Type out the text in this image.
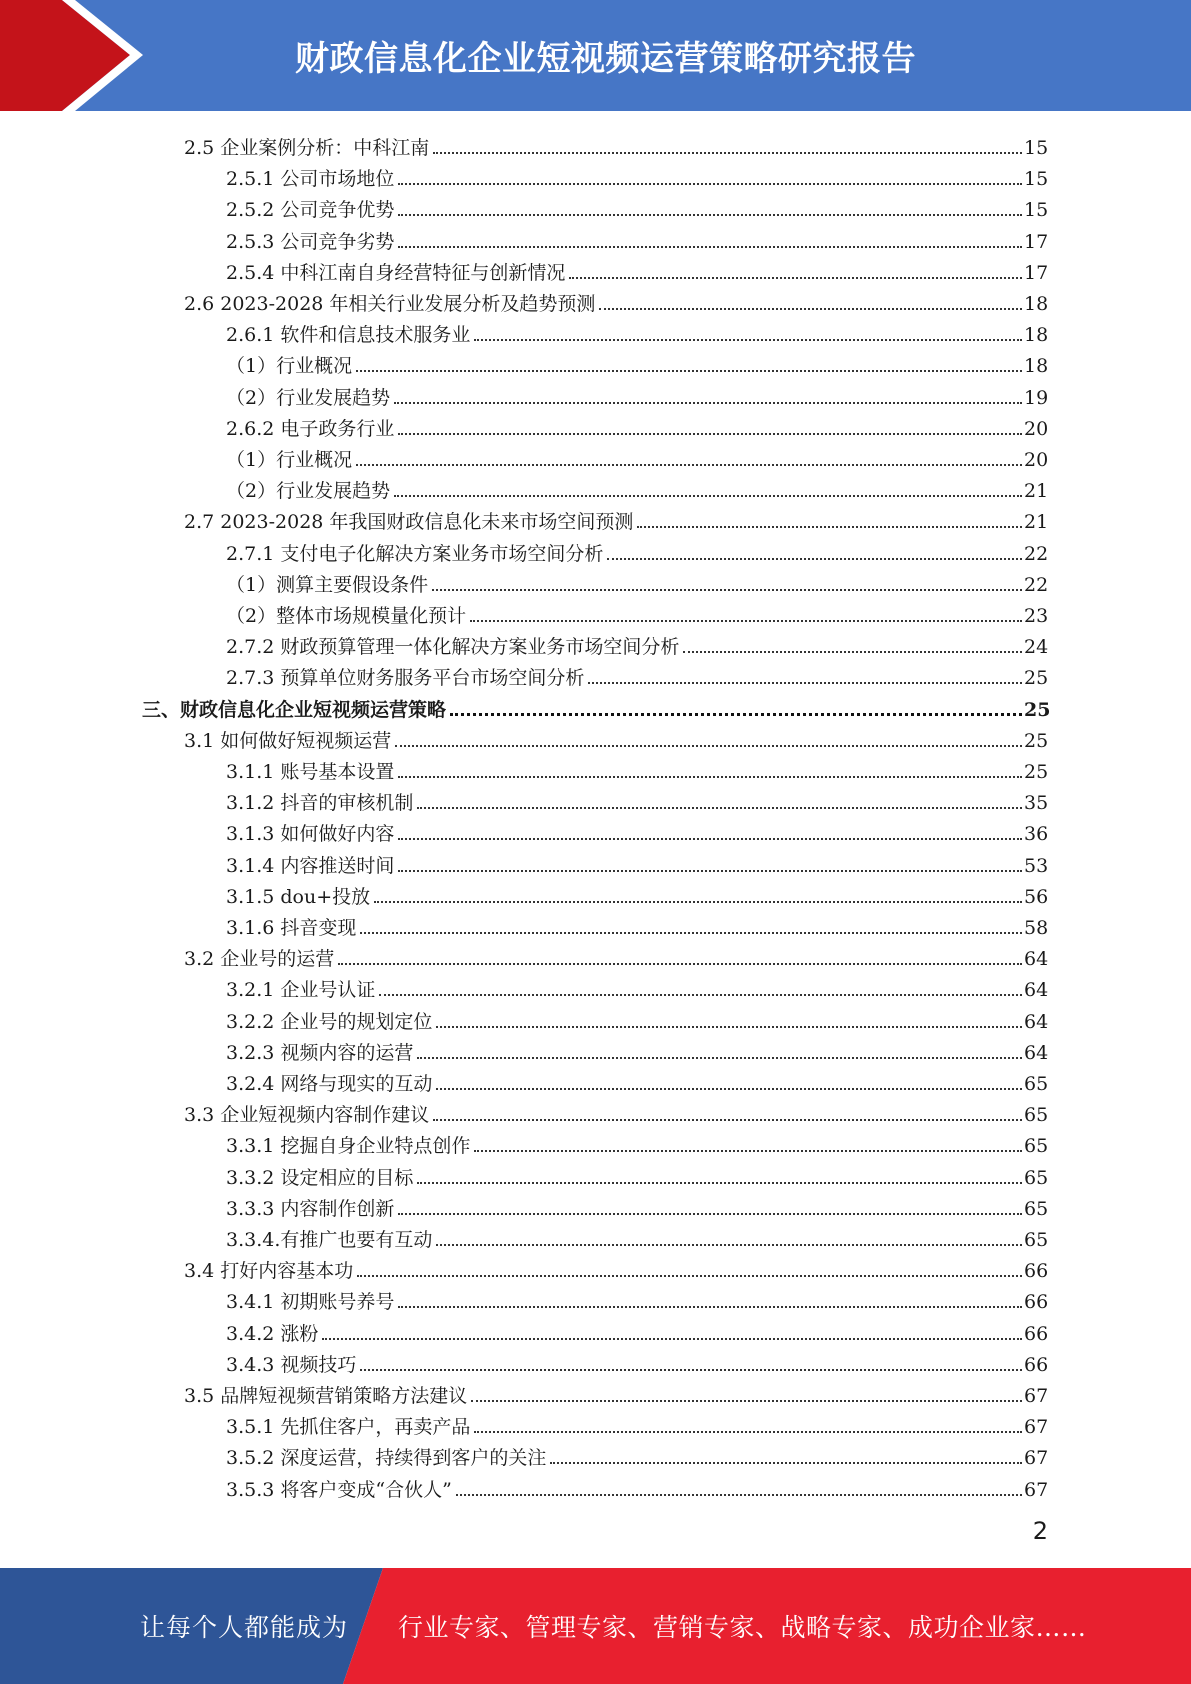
财政信息化企业短视频运营策略研究报告
2.5 企业案例分析：中科江南	15
2.5.1 公司市场地位	15
2.5.2 公司竞争优势	15
2.5.3 公司竞争劣势	17
2.5.4 中科江南自身经营特征与创新情况	17
2.6 2023-2028 年相关行业发展分析及趋势预测	18
2.6.1 软件和信息技术服务业	18
（1）行业概况	18
（2）行业发展趋势	19
2.6.2 电子政务行业	20
（1）行业概况	20
（2）行业发展趋势	21
2.7 2023-2028 年我国财政信息化未来市场空间预测	21
2.7.1 支付电子化解决方案业务市场空间分析	22
（1）测算主要假设条件	22
（2）整体市场规模量化预计	23
2.7.2 财政预算管理一体化解决方案业务市场空间分析	24
2.7.3 预算单位财务服务平台市场空间分析	25
三、财政信息化企业短视频运营策略	25
3.1 如何做好短视频运营	25
3.1.1 账号基本设置	25
3.1.2 抖音的审核机制	35
3.1.3 如何做好内容	36
3.1.4 内容推送时间	53
3.1.5 dou+投放	56
3.1.6 抖音变现	58
3.2 企业号的运营	64
3.2.1 企业号认证	64
3.2.2 企业号的规划定位	64
3.2.3 视频内容的运营	64
3.2.4 网络与现实的互动	65
3.3 企业短视频内容制作建议	65
3.3.1 挖掘自身企业特点创作	65
3.3.2 设定相应的目标	65
3.3.3 内容制作创新	65
3.3.4.有推广也要有互动	65
3.4 打好内容基本功	66
3.4.1 初期账号养号	66
3.4.2 涨粉	66
3.4.3 视频技巧	66
3.5 品牌短视频营销策略方法建议	67
3.5.1 先抓住客户，再卖产品	67
3.5.2 深度运营，持续得到客户的关注	67
3.5.3 将客户变成“合伙人”	67
2
让每个人都能成为 行业专家、管理专家、营销专家、战略专家、成功企业家……
